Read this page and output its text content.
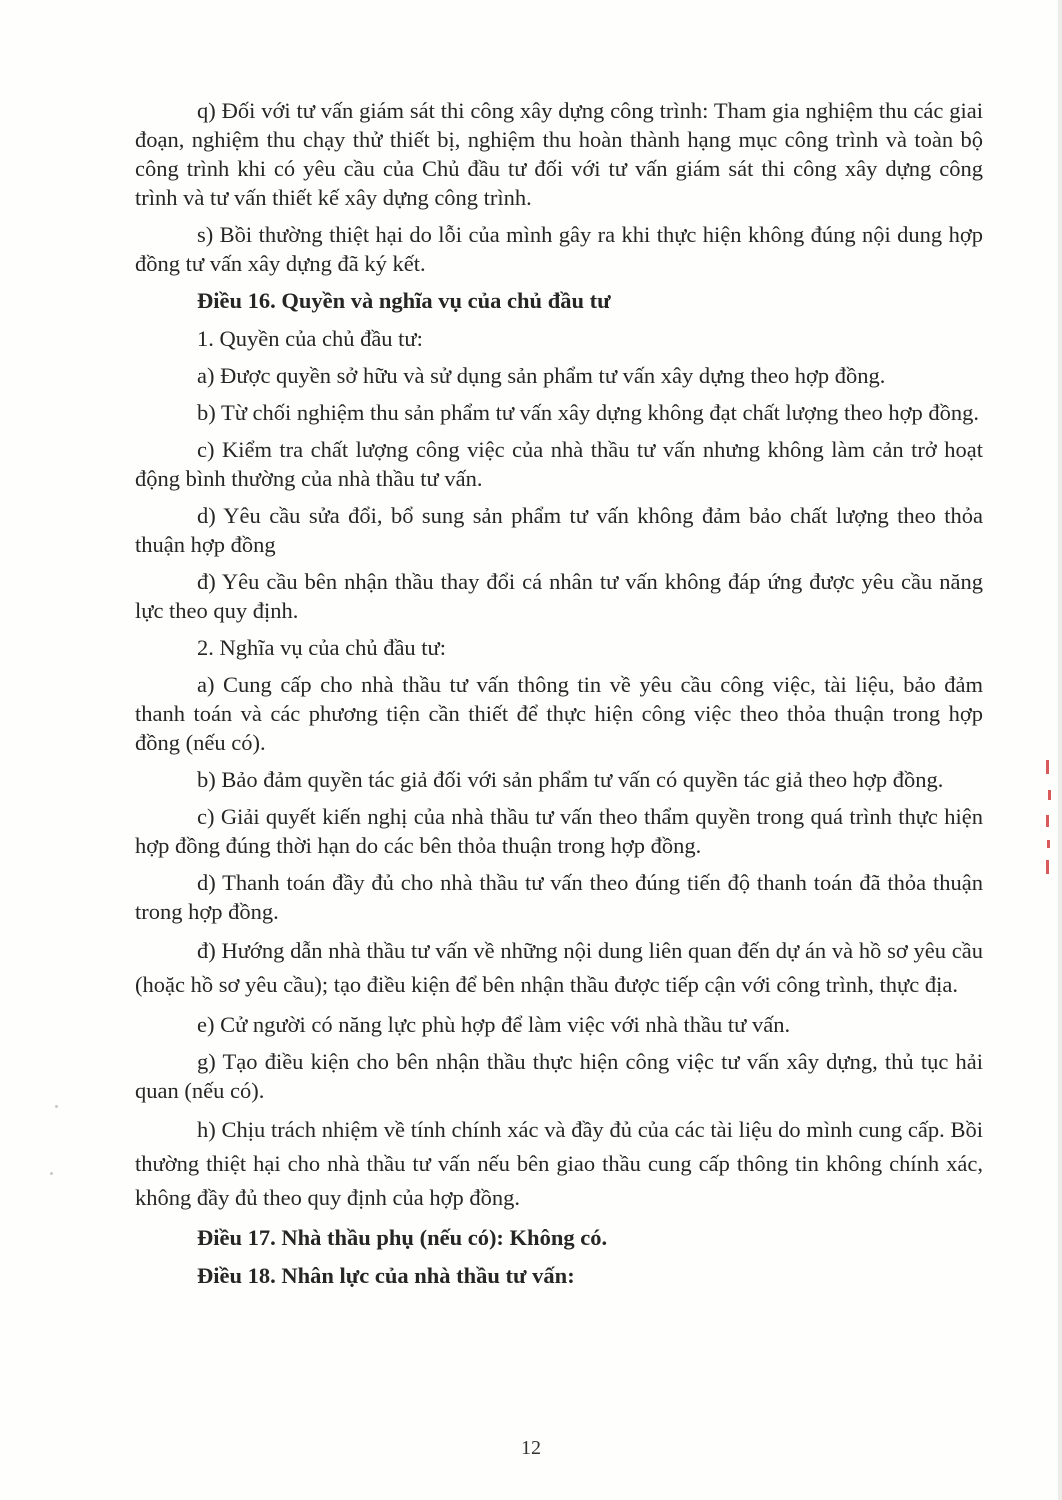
q) Đối với tư vấn giám sát thi công xây dựng công trình: Tham gia nghiệm thu các giai đoạn, nghiệm thu chạy thử thiết bị, nghiệm thu hoàn thành hạng mục công trình và toàn bộ công trình khi có yêu cầu của Chủ đầu tư đối với tư vấn giám sát thi công xây dựng công trình và tư vấn thiết kế xây dựng công trình.

s) Bồi thường thiệt hại do lỗi của mình gây ra khi thực hiện không đúng nội dung hợp đồng tư vấn xây dựng đã ký kết.

Điều 16. Quyền và nghĩa vụ của chủ đầu tư

1. Quyền của chủ đầu tư:

a) Được quyền sở hữu và sử dụng sản phẩm tư vấn xây dựng theo hợp đồng.

b) Từ chối nghiệm thu sản phẩm tư vấn xây dựng không đạt chất lượng theo hợp đồng.

c) Kiểm tra chất lượng công việc của nhà thầu tư vấn nhưng không làm cản trở hoạt động bình thường của nhà thầu tư vấn.

d) Yêu cầu sửa đổi, bổ sung sản phẩm tư vấn không đảm bảo chất lượng theo thỏa thuận hợp đồng

đ) Yêu cầu bên nhận thầu thay đổi cá nhân tư vấn không đáp ứng được yêu cầu năng lực theo quy định.

2. Nghĩa vụ của chủ đầu tư:

a) Cung cấp cho nhà thầu tư vấn thông tin về yêu cầu công việc, tài liệu, bảo đảm thanh toán và các phương tiện cần thiết để thực hiện công việc theo thỏa thuận trong hợp đồng (nếu có).

b) Bảo đảm quyền tác giả đối với sản phẩm tư vấn có quyền tác giả theo hợp đồng.

c) Giải quyết kiến nghị của nhà thầu tư vấn theo thẩm quyền trong quá trình thực hiện hợp đồng đúng thời hạn do các bên thỏa thuận trong hợp đồng.

d) Thanh toán đầy đủ cho nhà thầu tư vấn theo đúng tiến độ thanh toán đã thỏa thuận trong hợp đồng.

đ) Hướng dẫn nhà thầu tư vấn về những nội dung liên quan đến dự án và hồ sơ yêu cầu (hoặc hồ sơ yêu cầu); tạo điều kiện để bên nhận thầu được tiếp cận với công trình, thực địa.

e) Cử người có năng lực phù hợp để làm việc với nhà thầu tư vấn.

g) Tạo điều kiện cho bên nhận thầu thực hiện công việc tư vấn xây dựng, thủ tục hải quan (nếu có).

h) Chịu trách nhiệm về tính chính xác và đầy đủ của các tài liệu do mình cung cấp. Bồi thường thiệt hại cho nhà thầu tư vấn nếu bên giao thầu cung cấp thông tin không chính xác, không đầy đủ theo quy định của hợp đồng.

Điều 17. Nhà thầu phụ (nếu có): Không có.

Điều 18. Nhân lực của nhà thầu tư vấn:

12
